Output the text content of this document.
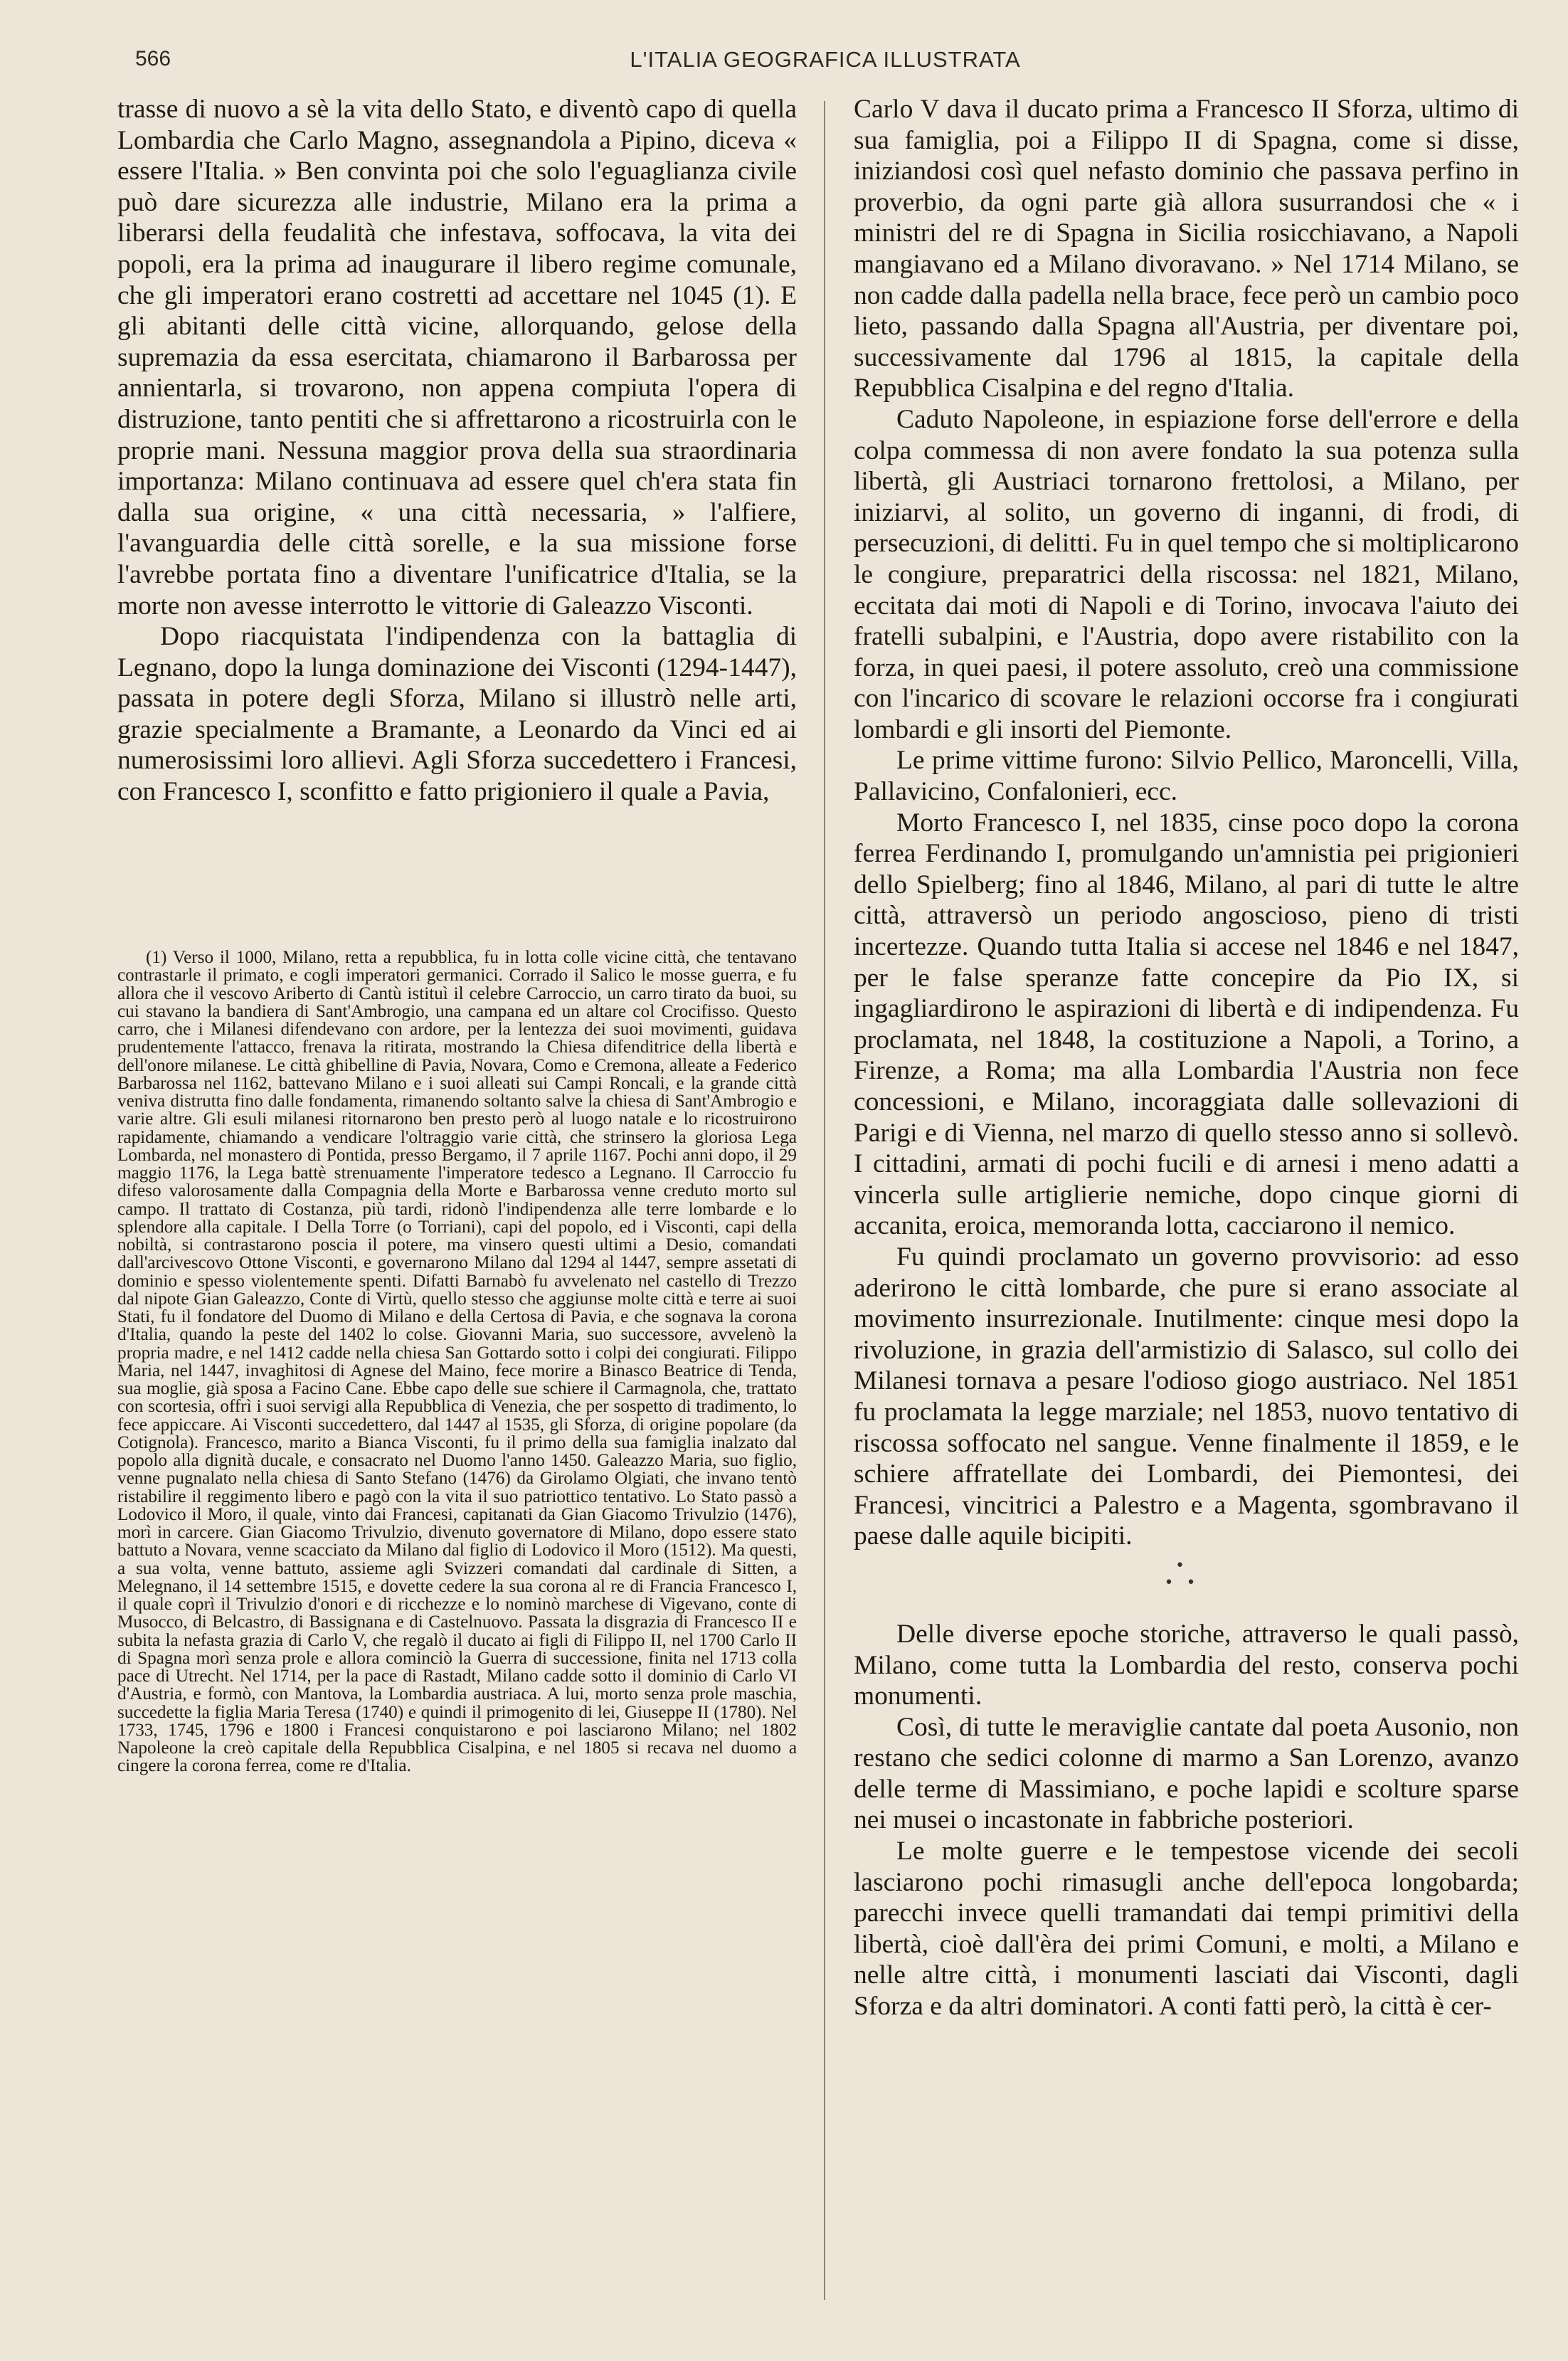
566	L'ITALIA GEOGRAFICA ILLUSTRATA

trasse di nuovo a sè la vita dello Stato, e diventò capo di quella Lombardia che Carlo Magno, assegnandola a Pipino, diceva « essere l'Italia. » Ben convinta poi che solo l'eguaglianza civile può dare sicurezza alle industrie, Milano era la prima a liberarsi della feudalità che infestava, soffocava, la vita dei popoli, era la prima ad inaugurare il libero regime comunale, che gli imperatori erano costretti ad accettare nel 1045 (1). E gli abitanti delle città vicine, allorquando, gelose della supremazia da essa esercitata, chiamarono il Barbarossa per annientarla, si trovarono, non appena compiuta l'opera di distruzione, tanto pentiti che si affrettarono a ricostruirla con le proprie mani. Nessuna maggior prova della sua straordinaria importanza: Milano continuava ad essere quel ch'era stata fin dalla sua origine, « una città necessaria, » l'alfiere, l'avanguardia delle città sorelle, e la sua missione forse l'avrebbe portata fino a diventare l'unificatrice d'Italia, se la morte non avesse interrotto le vittorie di Galeazzo Visconti.

Dopo riacquistata l'indipendenza con la battaglia di Legnano, dopo la lunga dominazione dei Visconti (1294-1447), passata in potere degli Sforza, Milano si illustrò nelle arti, grazie specialmente a Bramante, a Leonardo da Vinci ed ai numerosissimi loro allievi. Agli Sforza succedettero i Francesi, con Francesco I, sconfitto e fatto prigioniero il quale a Pavia,

(1) Verso il 1000, Milano, retta a repubblica, fu in lotta colle vicine città, che tentavano contrastarle il primato, e cogli imperatori germanici. Corrado il Salico le mosse guerra, e fu allora che il vescovo Ariberto di Cantù istituì il celebre Carroccio, un carro tirato da buoi, su cui stavano la bandiera di Sant'Ambrogio, una campana ed un altare col Crocifisso. Questo carro, che i Milanesi difendevano con ardore, per la lentezza dei suoi movimenti, guidava prudentemente l'attacco, frenava la ritirata, mostrando la Chiesa difenditrice della libertà e dell'onore milanese. Le città ghibelline di Pavia, Novara, Como e Cremona, alleate a Federico Barbarossa nel 1162, battevano Milano e i suoi alleati sui Campi Roncali, e la grande città veniva distrutta fino dalle fondamenta, rimanendo soltanto salve la chiesa di Sant'Ambrogio e varie altre. Gli esuli milanesi ritornarono ben presto però al luogo natale e lo ricostruirono rapidamente, chiamando a vendicare l'oltraggio varie città, che strinsero la gloriosa Lega Lombarda, nel monastero di Pontida, presso Bergamo, il 7 aprile 1167. Pochi anni dopo, il 29 maggio 1176, la Lega battè strenuamente l'imperatore tedesco a Legnano. Il Carroccio fu difeso valorosamente dalla Compagnia della Morte e Barbarossa venne creduto morto sul campo. Il trattato di Costanza, più tardi, ridonò l'indipendenza alle terre lombarde e lo splendore alla capitale. I Della Torre (o Torriani), capi del popolo, ed i Visconti, capi della nobiltà, si contrastarono poscia il potere, ma vinsero questi ultimi a Desio, comandati dall'arcivescovo Ottone Visconti, e governarono Milano dal 1294 al 1447, sempre assetati di dominio e spesso violentemente spenti. Difatti Barnabò fu avvelenato nel castello di Trezzo dal nipote Gian Galeazzo, Conte di Virtù, quello stesso che aggiunse molte città e terre ai suoi Stati, fu il fondatore del Duomo di Milano e della Certosa di Pavia, e che sognava la corona d'Italia, quando la peste del 1402 lo colse. Giovanni Maria, suo successore, avvelenò la propria madre, e nel 1412 cadde nella chiesa San Gottardo sotto i colpi dei congiurati. Filippo Maria, nel 1447, invaghitosi di Agnese del Maino, fece morire a Binasco Beatrice di Tenda, sua moglie, già sposa a Facino Cane. Ebbe capo delle sue schiere il Carmagnola, che, trattato con scortesia, offrì i suoi servigi alla Repubblica di Venezia, che per sospetto di tradimento, lo fece appiccare. Ai Visconti succedettero, dal 1447 al 1535, gli Sforza, di origine popolare (da Cotignola). Francesco, marito a Bianca Visconti, fu il primo della sua famiglia inalzato dal popolo alla dignità ducale, e consacrato nel Duomo l'anno 1450. Galeazzo Maria, suo figlio, venne pugnalato nella chiesa di Santo Stefano (1476) da Girolamo Olgiati, che invano tentò ristabilire il reggimento libero e pagò con la vita il suo patriottico tentativo. Lo Stato passò a Lodovico il Moro, il quale, vinto dai Francesi, capitanati da Gian Giacomo Trivulzio (1476), morì in carcere. Gian Giacomo Trivulzio, divenuto governatore di Milano, dopo essere stato battuto a Novara, venne scacciato da Milano dal figlio di Lodovico il Moro (1512). Ma questi, a sua volta, venne battuto, assieme agli Svizzeri comandati dal cardinale di Sitten, a Melegnano, il 14 settembre 1515, e dovette cedere la sua corona al re di Francia Francesco I, il quale coprì il Trivulzio d'onori e di ricchezze e lo nominò marchese di Vigevano, conte di Musocco, di Belcastro, di Bassignana e di Castelnuovo. Passata la disgrazia di Francesco II e subita la nefasta grazia di Carlo V, che regalò il ducato ai figli di Filippo II, nel 1700 Carlo II di Spagna morì senza prole e allora cominciò la Guerra di successione, finita nel 1713 colla pace di Utrecht. Nel 1714, per la pace di Rastadt, Milano cadde sotto il dominio di Carlo VI d'Austria, e formò, con Mantova, la Lombardia austriaca. A lui, morto senza prole maschia, succedette la figlia Maria Teresa (1740) e quindi il primogenito di lei, Giuseppe II (1780). Nel 1733, 1745, 1796 e 1800 i Francesi conquistarono e poi lasciarono Milano; nel 1802 Napoleone la creò capitale della Repubblica Cisalpina, e nel 1805 si recava nel duomo a cingere la corona ferrea, come re d'Italia.

Carlo V dava il ducato prima a Francesco II Sforza, ultimo di sua famiglia, poi a Filippo II di Spagna, come si disse, iniziandosi così quel nefasto dominio che passava perfino in proverbio, da ogni parte già allora susurrandosi che « i ministri del re di Spagna in Sicilia rosicchiavano, a Napoli mangiavano ed a Milano divoravano. » Nel 1714 Milano, se non cadde dalla padella nella brace, fece però un cambio poco lieto, passando dalla Spagna all'Austria, per diventare poi, successivamente dal 1796 al 1815, la capitale della Repubblica Cisalpina e del regno d'Italia.

Caduto Napoleone, in espiazione forse dell'errore e della colpa commessa di non avere fondato la sua potenza sulla libertà, gli Austriaci tornarono frettolosi, a Milano, per iniziarvi, al solito, un governo di inganni, di frodi, di persecuzioni, di delitti. Fu in quel tempo che si moltiplicarono le congiure, preparatrici della riscossa: nel 1821, Milano, eccitata dai moti di Napoli e di Torino, invocava l'aiuto dei fratelli subalpini, e l'Austria, dopo avere ristabilito con la forza, in quei paesi, il potere assoluto, creò una commissione con l'incarico di scovare le relazioni occorse fra i congiurati lombardi e gli insorti del Piemonte.

Le prime vittime furono: Silvio Pellico, Maroncelli, Villa, Pallavicino, Confalonieri, ecc.

Morto Francesco I, nel 1835, cinse poco dopo la corona ferrea Ferdinando I, promulgando un'amnistia pei prigionieri dello Spielberg; fino al 1846, Milano, al pari di tutte le altre città, attraversò un periodo angoscioso, pieno di tristi incertezze. Quando tutta Italia si accese nel 1846 e nel 1847, per le false speranze fatte concepire da Pio IX, si ingagliardirono le aspirazioni di libertà e di indipendenza. Fu proclamata, nel 1848, la costituzione a Napoli, a Torino, a Firenze, a Roma; ma alla Lombardia l'Austria non fece concessioni, e Milano, incoraggiata dalle sollevazioni di Parigi e di Vienna, nel marzo di quello stesso anno si sollevò. I cittadini, armati di pochi fucili e di arnesi i meno adatti a vincerla sulle artiglierie nemiche, dopo cinque giorni di accanita, eroica, memoranda lotta, cacciarono il nemico.

Fu quindi proclamato un governo provvisorio: ad esso aderirono le città lombarde, che pure si erano associate al movimento insurrezionale. Inutilmente: cinque mesi dopo la rivoluzione, in grazia dell'armistizio di Salasco, sul collo dei Milanesi tornava a pesare l'odioso giogo austriaco. Nel 1851 fu proclamata la legge marziale; nel 1853, nuovo tentativo di riscossa soffocato nel sangue. Venne finalmente il 1859, e le schiere affratellate dei Lombardi, dei Piemontesi, dei Francesi, vincitrici a Palestro e a Magenta, sgombravano il paese dalle aquile bicipiti.

•
••

Delle diverse epoche storiche, attraverso le quali passò, Milano, come tutta la Lombardia del resto, conserva pochi monumenti.

Così, di tutte le meraviglie cantate dal poeta Ausonio, non restano che sedici colonne di marmo a San Lorenzo, avanzo delle terme di Massimiano, e poche lapidi e scolture sparse nei musei o incastonate in fabbriche posteriori.

Le molte guerre e le tempestose vicende dei secoli lasciarono pochi rimasugli anche dell'epoca longobarda; parecchi invece quelli tramandati dai tempi primitivi della libertà, cioè dall'èra dei primi Comuni, e molti, a Milano e nelle altre città, i monumenti lasciati dai Visconti, dagli Sforza e da altri dominatori. A conti fatti però, la città è cer-
